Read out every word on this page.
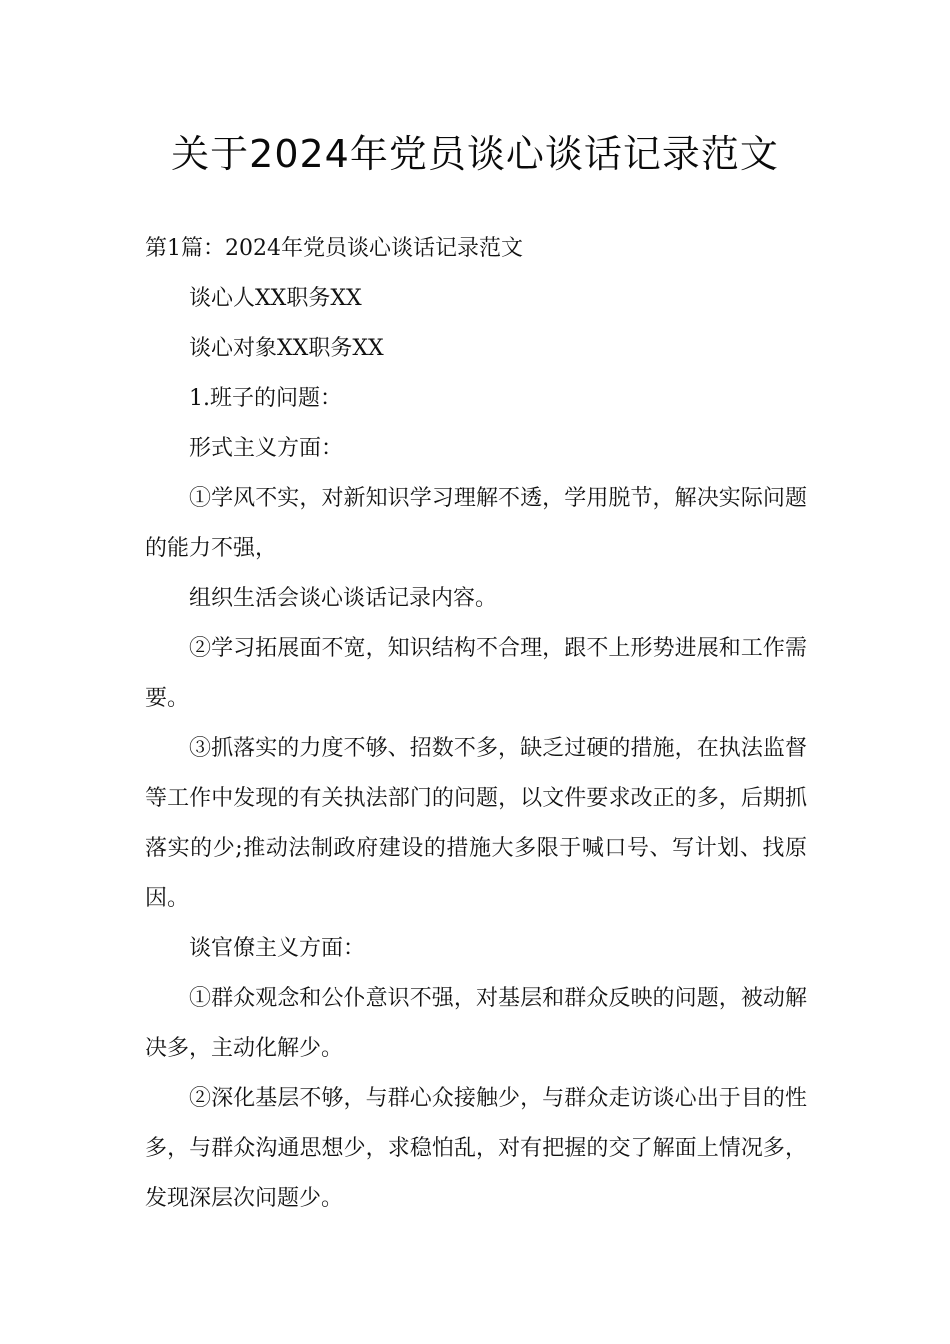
关于2024年党员谈心谈话记录范文

第1篇：2024年党员谈心谈话记录范文

谈心人XX职务XX

谈心对象XX职务XX

1.班子的问题：

形式主义方面：

①学风不实，对新知识学习理解不透，学用脱节，解决实际问题的能力不强，

组织生活会谈心谈话记录内容。

②学习拓展面不宽，知识结构不合理，跟不上形势进展和工作需要。

③抓落实的力度不够、招数不多，缺乏过硬的措施，在执法监督等工作中发现的有关执法部门的问题，以文件要求改正的多，后期抓落实的少;推动法制政府建设的措施大多限于喊口号、写计划、找原因。

谈官僚主义方面：

①群众观念和公仆意识不强，对基层和群众反映的问题，被动解决多，主动化解少。

②深化基层不够，与群心众接触少，与群众走访谈心出于目的性多，与群众沟通思想少，求稳怕乱，对有把握的交了解面上情况多，发现深层次问题少。
